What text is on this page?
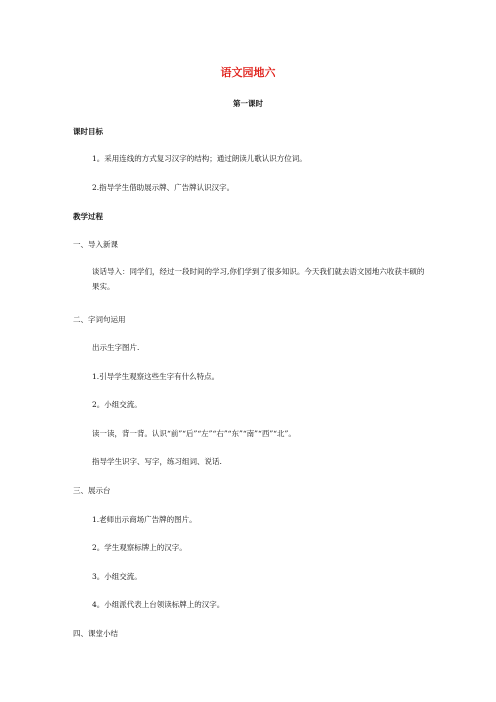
语文园地六
第一课时
课时目标
1。采用连线的方式复习汉字的结构；通过朗读儿歌认识方位词。
2.指导学生借助展示牌、广告牌认识汉字。
教学过程
一、导入新课
谈话导入：同学们，经过一段时间的学习,你们学到了很多知识。今天我们就去语文园地六收获丰硕的果实。
二、字词句运用
出示生字图片.
1.引导学生观察这些生字有什么特点。
2。小组交流。
读一读，背一背。认识“前”“后”“左”“右”“东”“南”“西”“北”。
指导学生识字、写字，练习组词、说话.
三、展示台
1.老师出示商场广告牌的图片。
2。学生观察标牌上的汉字。
3。小组交流。
4。小组派代表上台领读标牌上的汉字。
四、课堂小结
